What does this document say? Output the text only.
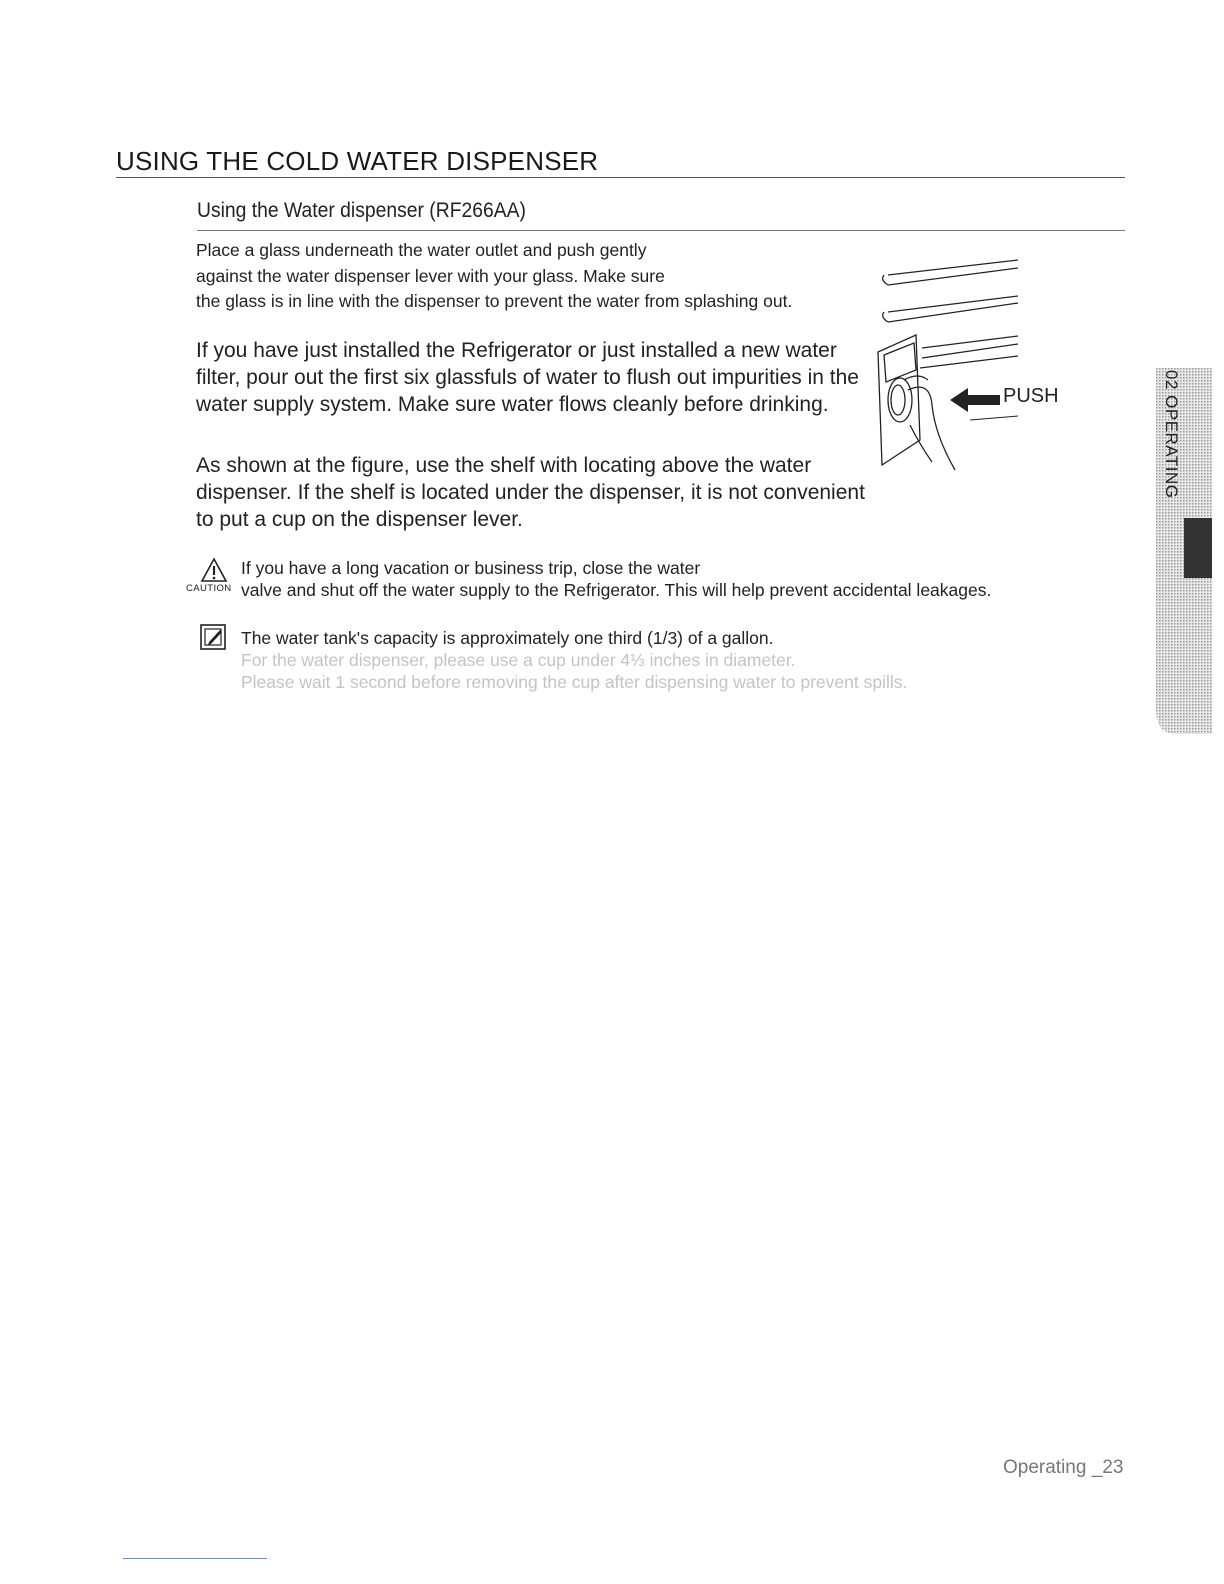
USING THE COLD WATER DISPENSER
Using the Water dispenser (RF266AA)
Place a glass underneath the water outlet and push gently
against the water dispenser lever with your glass. Make sure
the glass is in line with the dispenser to prevent the water from splashing out.
If you have just installed the Refrigerator or just installed a new water
filter, pour out the first six glassfuls of water to flush out impurities in the
water supply system. Make sure water flows cleanly before drinking.
As shown at the figure, use the shelf with locating above the water
dispenser. If the shelf is located under the dispenser, it is not convenient
to put a cup on the dispenser lever.
PUSH
CAUTION
If you have a long vacation or business trip, close the water
valve and shut off the water supply to the Refrigerator. This will help prevent accidental leakages.
The water tank's capacity is approximately one third (1/3) of a gallon.
For the water dispenser, please use a cup under 4⅓ inches in diameter.
Please wait 1 second before removing the cup after dispensing water to prevent spills.
02 OPERATING
Operating _23
